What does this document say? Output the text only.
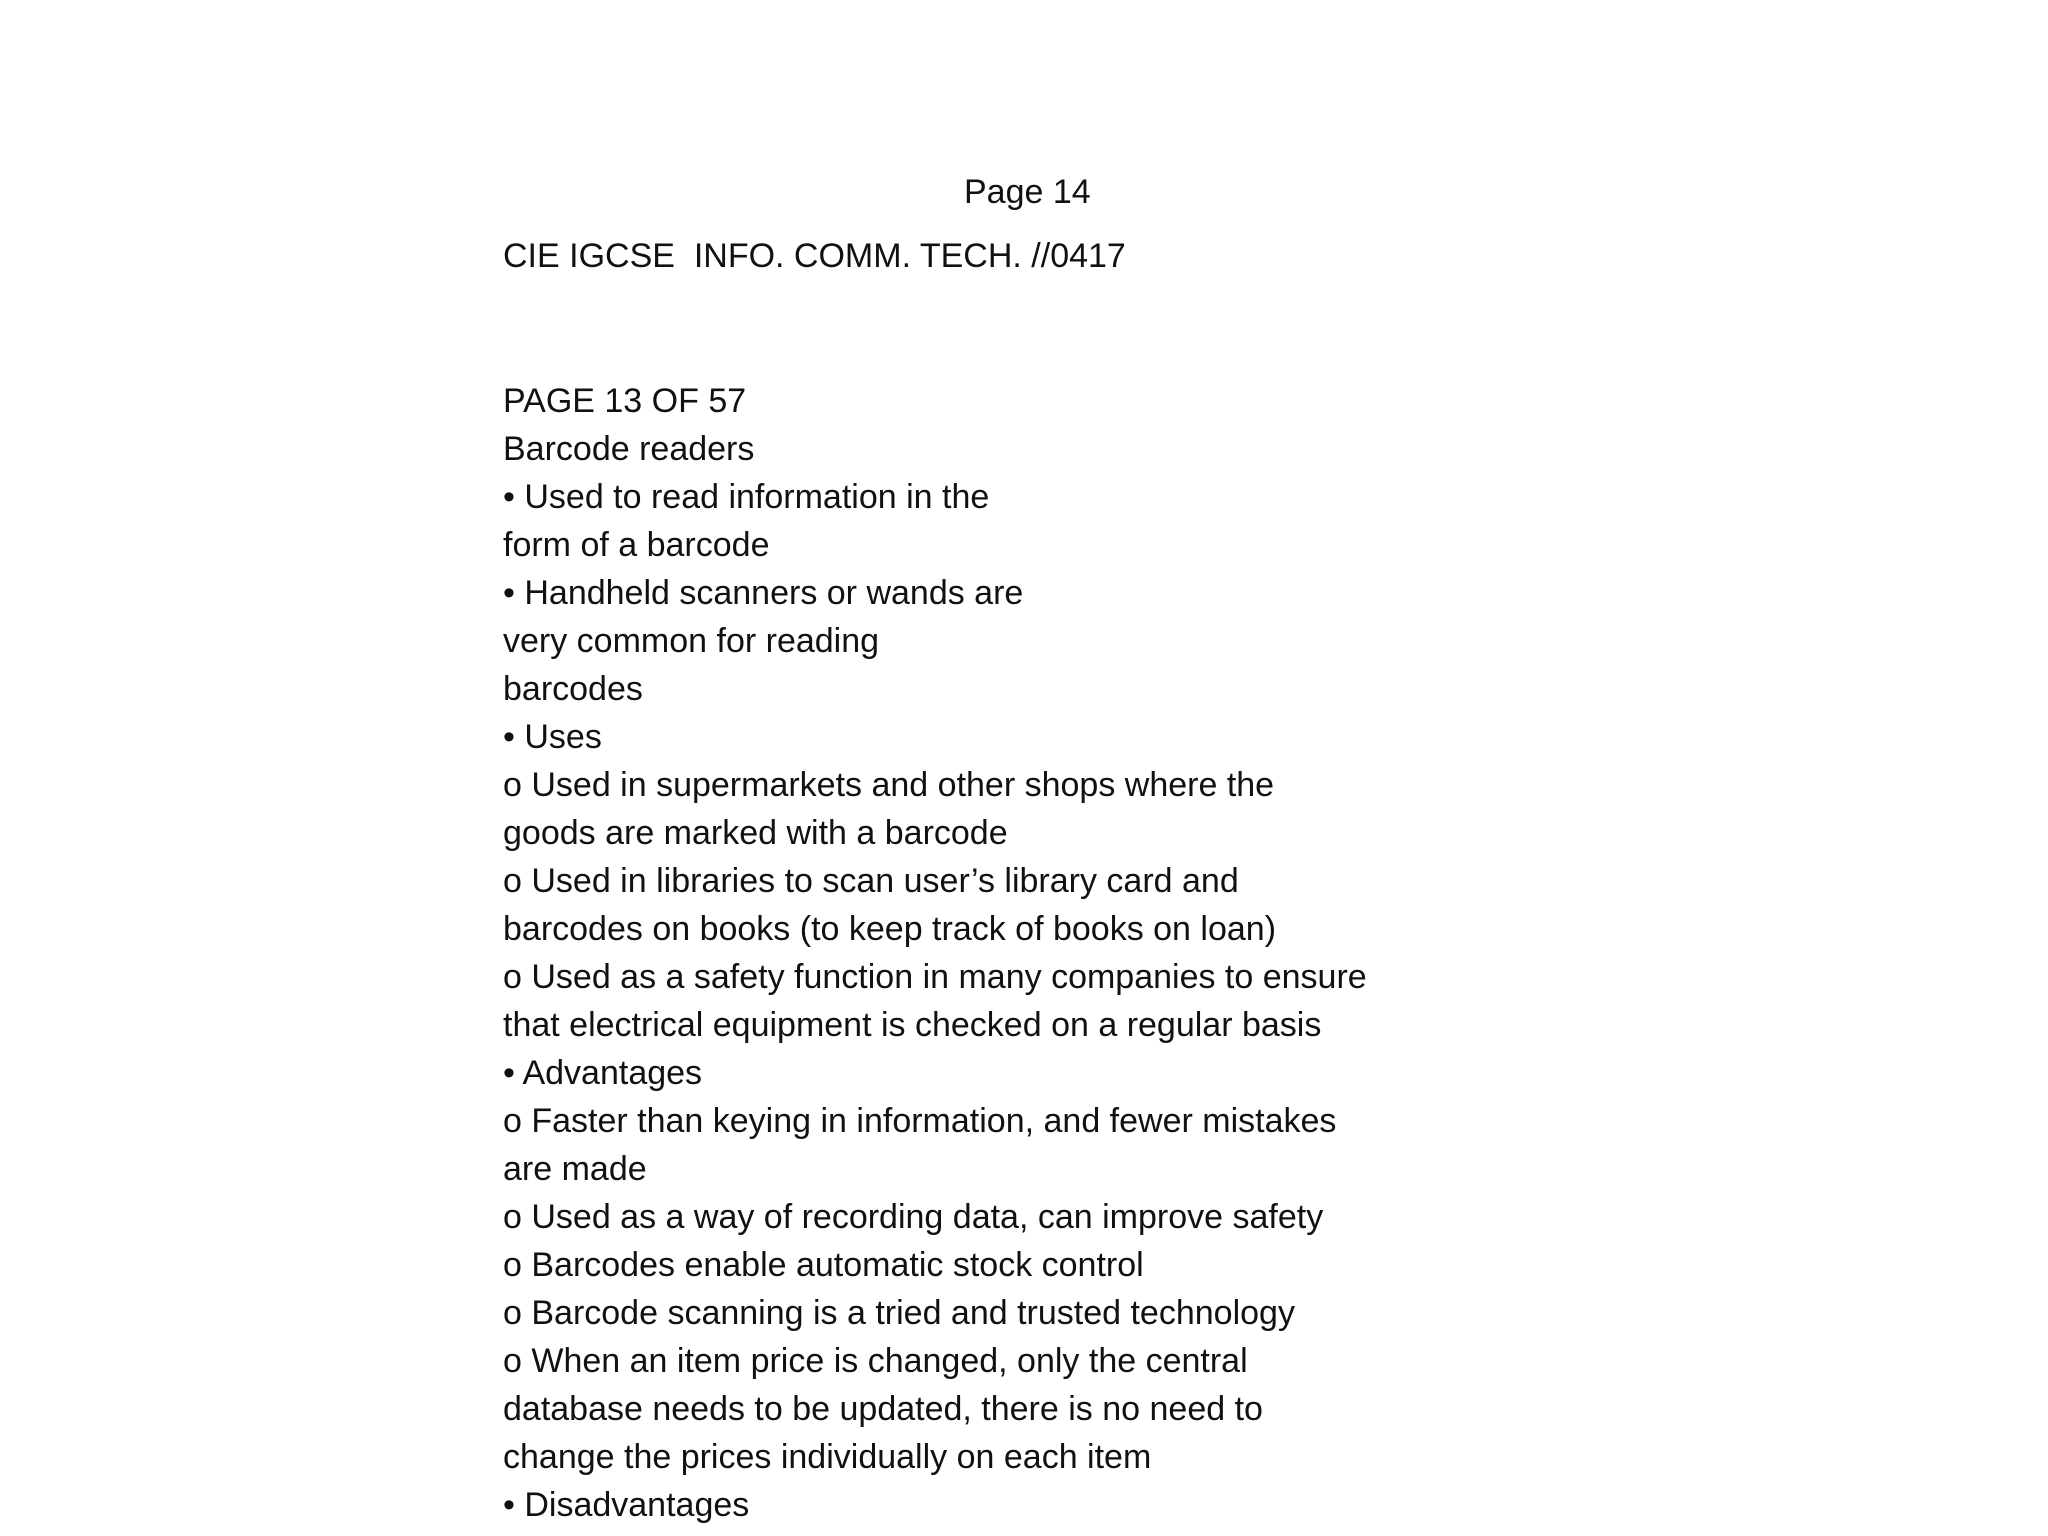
Page 14
CIE IGCSE  INFO. COMM. TECH. //0417
PAGE 13 OF 57
Barcode readers
• Used to read information in the
form of a barcode
• Handheld scanners or wands are
very common for reading
barcodes
• Uses
o Used in supermarkets and other shops where the
goods are marked with a barcode
o Used in libraries to scan user’s library card and
barcodes on books (to keep track of books on loan)
o Used as a safety function in many companies to ensure
that electrical equipment is checked on a regular basis
• Advantages
o Faster than keying in information, and fewer mistakes
are made
o Used as a way of recording data, can improve safety
o Barcodes enable automatic stock control
o Barcode scanning is a tried and trusted technology
o When an item price is changed, only the central
database needs to be updated, there is no need to
change the prices individually on each item
• Disadvantages
